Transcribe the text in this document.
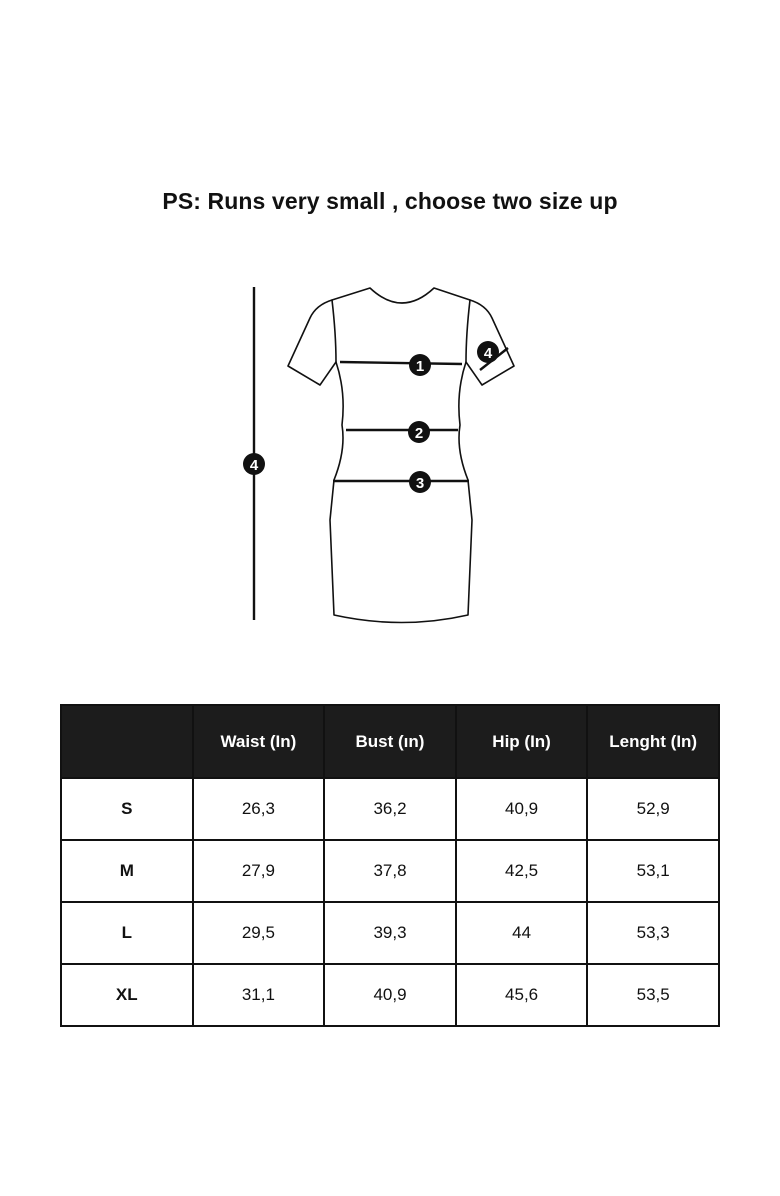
PS: Runs very small , choose two size up
1
2
3
4
4
	Waist (In)	Bust (ın)	Hip (In)	Lenght (In)
S	26,3	36,2	40,9	52,9
M	27,9	37,8	42,5	53,1
L	29,5	39,3	44	53,3
XL	31,1	40,9	45,6	53,5
